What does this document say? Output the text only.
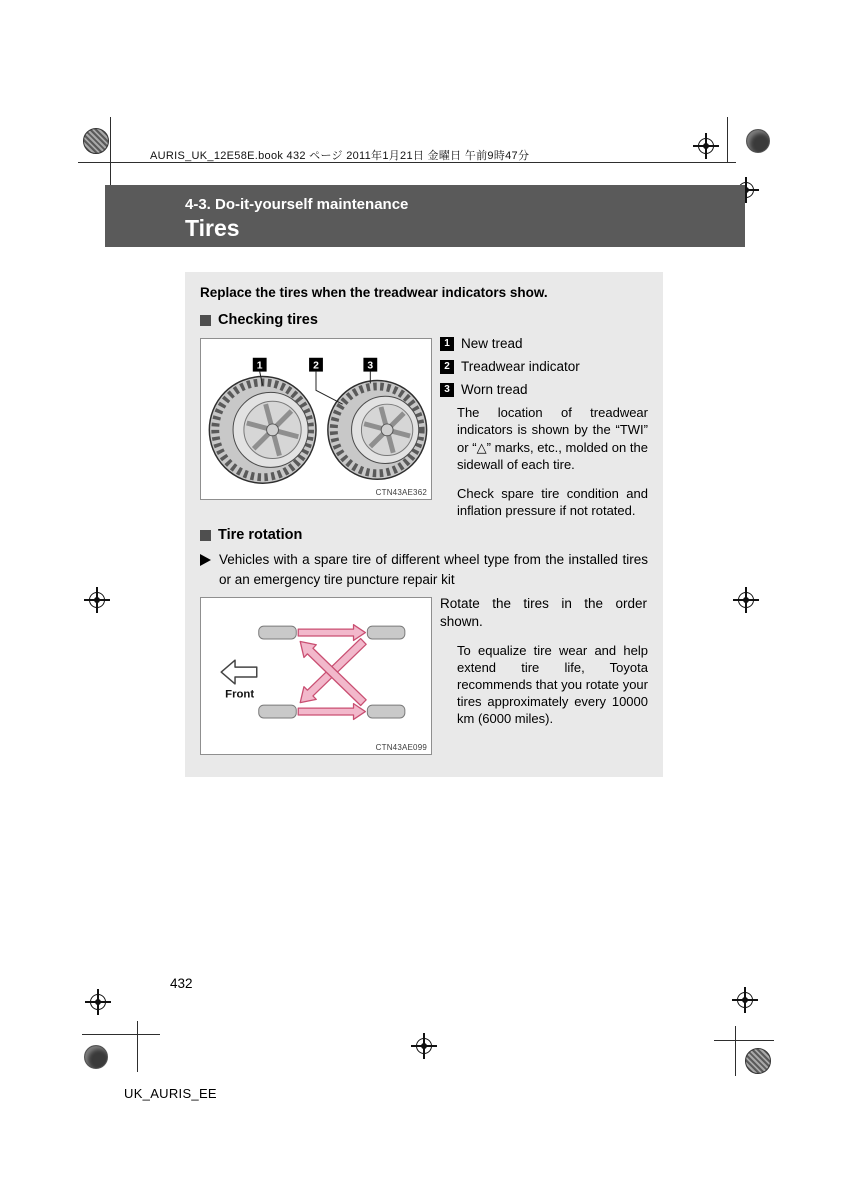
AURIS_UK_12E58E.book 432 ページ 2011年1月21日 金曜日 午前9時47分
4-3. Do-it-yourself maintenance
Tires
Replace the tires when the treadwear indicators show.
Checking tires
1	2	3
CTN43AE362
1 New tread
2 Treadwear indicator
3 Worn tread
The location of treadwear indicators is shown by the “TWI” or “△” marks, etc., molded on the sidewall of each tire.
Check spare tire condition and inflation pressure if not rotated.
Tire rotation
Vehicles with a spare tire of different wheel type from the installed tires or an emergency tire puncture repair kit
Front
CTN43AE099
Rotate the tires in the order shown.
To equalize tire wear and help extend tire life, Toyota recommends that you rotate your tires approximately every 10000 km (6000 miles).
432
UK_AURIS_EE
